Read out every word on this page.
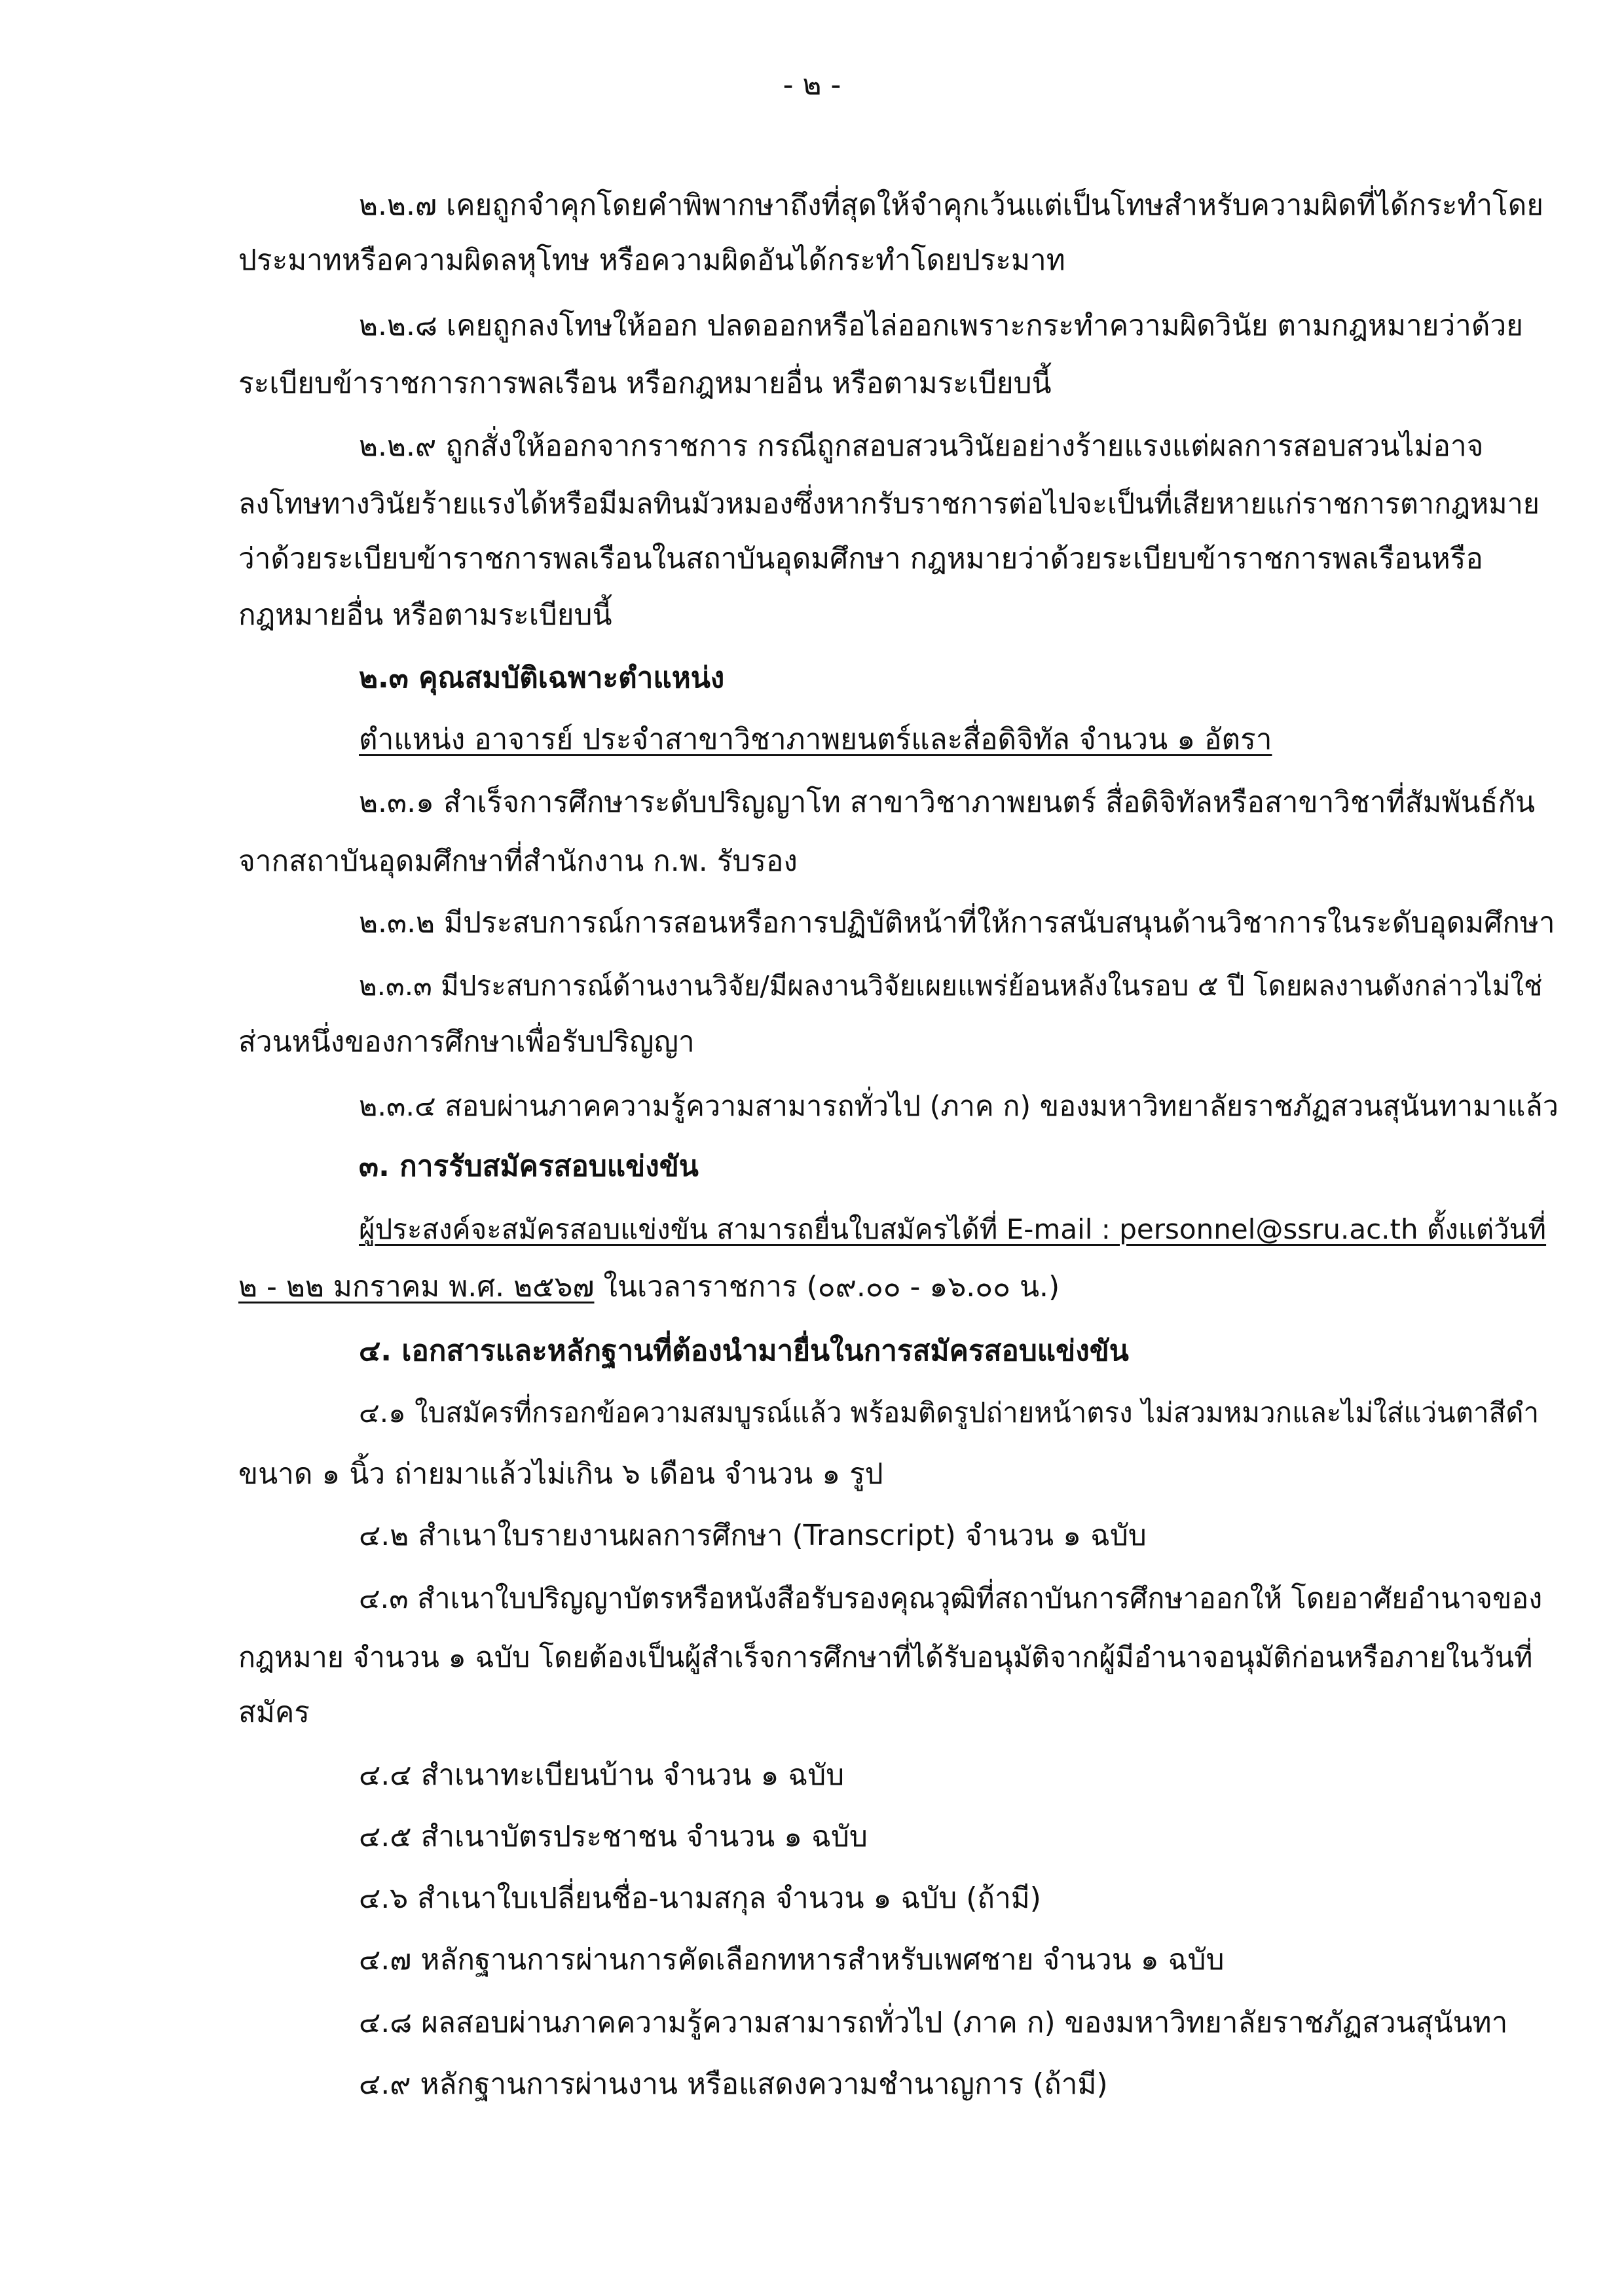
- ๒ -
๒.๒.๗ เคยถูกจำคุกโดยคำพิพากษาถึงที่สุดให้จำคุกเว้นแต่เป็นโทษสำหรับความผิดที่ได้กระทำโดย
ประมาทหรือความผิดลหุโทษ หรือความผิดอันได้กระทำโดยประมาท
๒.๒.๘ เคยถูกลงโทษให้ออก ปลดออกหรือไล่ออกเพราะกระทำความผิดวินัย ตามกฎหมายว่าด้วย
ระเบียบข้าราชการการพลเรือน หรือกฎหมายอื่น หรือตามระเบียบนี้
๒.๒.๙ ถูกสั่งให้ออกจากราชการ กรณีถูกสอบสวนวินัยอย่างร้ายแรงแต่ผลการสอบสวนไม่อาจ
ลงโทษทางวินัยร้ายแรงได้หรือมีมลทินมัวหมองซึ่งหากรับราชการต่อไปจะเป็นที่เสียหายแก่ราชการตากฎหมาย
ว่าด้วยระเบียบข้าราชการพลเรือนในสถาบันอุดมศึกษา กฎหมายว่าด้วยระเบียบข้าราชการพลเรือนหรือ
กฎหมายอื่น หรือตามระเบียบนี้
๒.๓ คุณสมบัติเฉพาะตำแหน่ง
ตำแหน่ง อาจารย์ ประจำสาขาวิชาภาพยนตร์และสื่อดิจิทัล จำนวน ๑ อัตรา
๒.๓.๑ สำเร็จการศึกษาระดับปริญญาโท สาขาวิชาภาพยนตร์ สื่อดิจิทัลหรือสาขาวิชาที่สัมพันธ์กัน
จากสถาบันอุดมศึกษาที่สำนักงาน ก.พ. รับรอง
๒.๓.๒ มีประสบการณ์การสอนหรือการปฏิบัติหน้าที่ให้การสนับสนุนด้านวิชาการในระดับอุดมศึกษา
๒.๓.๓ มีประสบการณ์ด้านงานวิจัย/มีผลงานวิจัยเผยแพร่ย้อนหลังในรอบ ๕ ปี โดยผลงานดังกล่าวไม่ใช่
ส่วนหนึ่งของการศึกษาเพื่อรับปริญญา
๒.๓.๔ สอบผ่านภาคความรู้ความสามารถทั่วไป (ภาค ก) ของมหาวิทยาลัยราชภัฏสวนสุนันทามาแล้ว
๓. การรับสมัครสอบแข่งขัน
ผู้ประสงค์จะสมัครสอบแข่งขัน สามารถยื่นใบสมัครได้ที่ E-mail : personnel@ssru.ac.th ตั้งแต่วันที่
๒ - ๒๒ มกราคม พ.ศ. ๒๕๖๗ ในเวลาราชการ (๐๙.๐๐ - ๑๖.๐๐ น.)
๔. เอกสารและหลักฐานที่ต้องนำมายื่นในการสมัครสอบแข่งขัน
๔.๑ ใบสมัครที่กรอกข้อความสมบูรณ์แล้ว พร้อมติดรูปถ่ายหน้าตรง ไม่สวมหมวกและไม่ใส่แว่นตาสีดำ
ขนาด ๑ นิ้ว ถ่ายมาแล้วไม่เกิน ๖ เดือน จำนวน ๑ รูป
๔.๒ สำเนาใบรายงานผลการศึกษา (Transcript) จำนวน ๑ ฉบับ
๔.๓ สำเนาใบปริญญาบัตรหรือหนังสือรับรองคุณวุฒิที่สถาบันการศึกษาออกให้ โดยอาศัยอำนาจของ
กฎหมาย จำนวน ๑ ฉบับ โดยต้องเป็นผู้สำเร็จการศึกษาที่ได้รับอนุมัติจากผู้มีอำนาจอนุมัติก่อนหรือภายในวันที่
สมัคร
๔.๔ สำเนาทะเบียนบ้าน จำนวน ๑ ฉบับ
๔.๕ สำเนาบัตรประชาชน จำนวน ๑ ฉบับ
๔.๖ สำเนาใบเปลี่ยนชื่อ-นามสกุล จำนวน ๑ ฉบับ (ถ้ามี)
๔.๗ หลักฐานการผ่านการคัดเลือกทหารสำหรับเพศชาย จำนวน ๑ ฉบับ
๔.๘ ผลสอบผ่านภาคความรู้ความสามารถทั่วไป (ภาค ก) ของมหาวิทยาลัยราชภัฏสวนสุนันทา
๔.๙ หลักฐานการผ่านงาน หรือแสดงความชำนาญการ (ถ้ามี)
